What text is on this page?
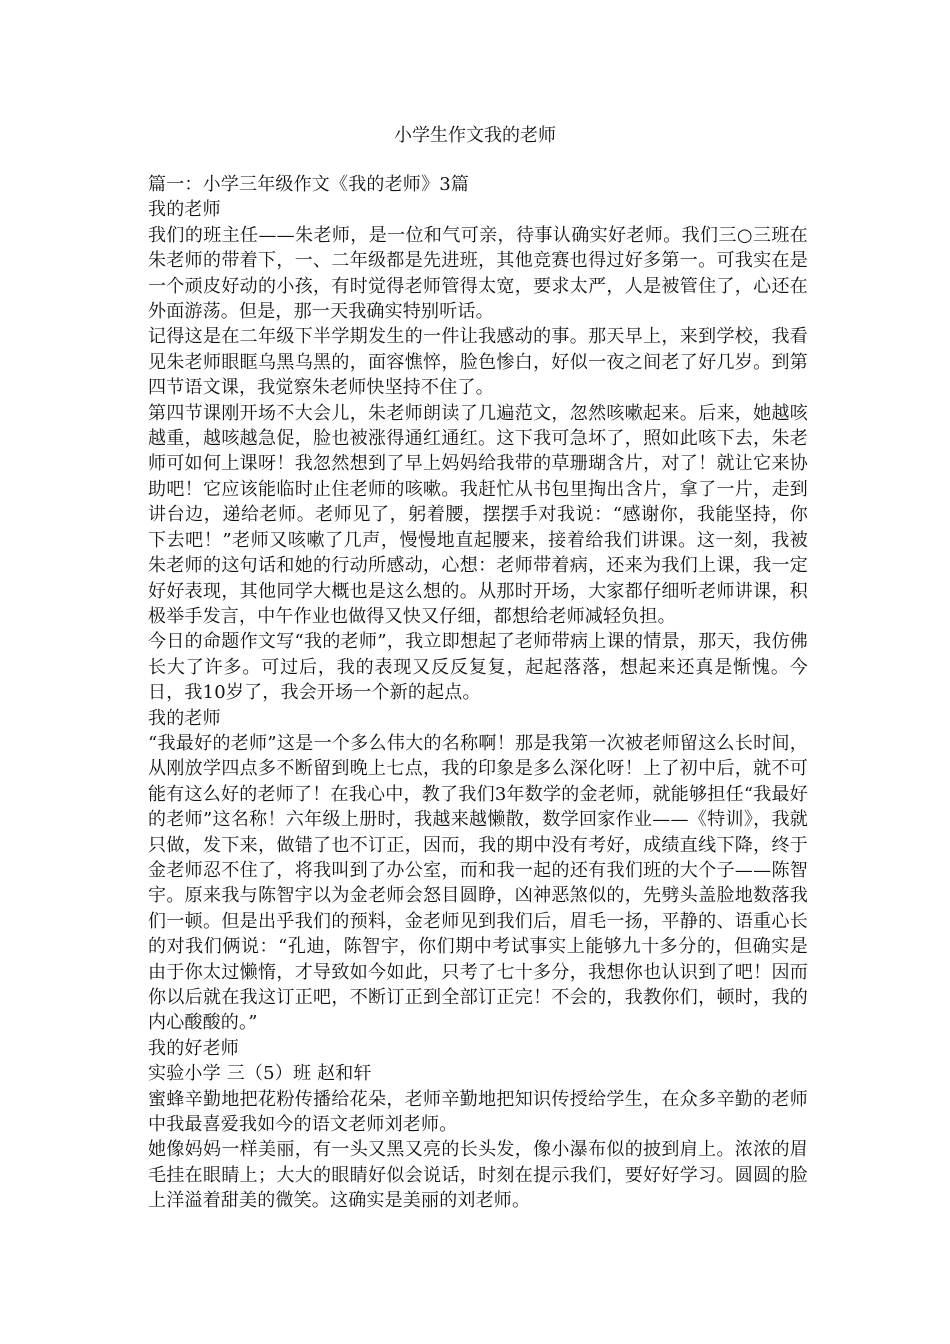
小学生作文我的老师

篇一：小学三年级作文《我的老师》3篇

我的老师

我们的班主任——朱老师，是一位和气可亲，待事认确实好老师。我们三○三班在朱老师的带着下，一、二年级都是先进班，其他竞赛也得过好多第一。可我实在是一个顽皮好动的小孩，有时觉得老师管得太宽，要求太严，人是被管住了，心还在外面游荡。但是，那一天我确实特别听话。

记得这是在二年级下半学期发生的一件让我感动的事。那天早上，来到学校，我看见朱老师眼眶乌黑乌黑的，面容憔悴，脸色惨白，好似一夜之间老了好几岁。到第四节语文课，我觉察朱老师快坚持不住了。

第四节课刚开场不大会儿，朱老师朗读了几遍范文，忽然咳嗽起来。后来，她越咳越重，越咳越急促，脸也被涨得通红通红。这下我可急坏了，照如此咳下去，朱老师可如何上课呀！我忽然想到了早上妈妈给我带的草珊瑚含片，对了！就让它来协助吧！它应该能临时止住老师的咳嗽。我赶忙从书包里掏出含片，拿了一片，走到讲台边，递给老师。老师见了，躬着腰，摆摆手对我说：“感谢你，我能坚持，你下去吧！”老师又咳嗽了几声，慢慢地直起腰来，接着给我们讲课。这一刻，我被朱老师的这句话和她的行动所感动，心想：老师带着病，还来为我们上课，我一定好好表现，其他同学大概也是这么想的。从那时开场，大家都仔细听老师讲课，积极举手发言，中午作业也做得又快又仔细，都想给老师减轻负担。

今日的命题作文写“我的老师”，我立即想起了老师带病上课的情景，那天，我仿佛长大了许多。可过后，我的表现又反反复复，起起落落，想起来还真是惭愧。今日，我10岁了，我会开场一个新的起点。

我的老师

“我最好的老师”这是一个多么伟大的名称啊！那是我第一次被老师留这么长时间，从刚放学四点多不断留到晚上七点，我的印象是多么深化呀！上了初中后，就不可能有这么好的老师了！在我心中，教了我们3年数学的金老师，就能够担任“我最好的老师”这名称！六年级上册时，我越来越懒散，数学回家作业——《特训》，我就只做，发下来，做错了也不订正，因而，我的期中没有考好，成绩直线下降，终于金老师忍不住了，将我叫到了办公室，而和我一起的还有我们班的大个子——陈智宇。原来我与陈智宇以为金老师会怒目圆睁，凶神恶煞似的，先劈头盖脸地数落我们一顿。但是出乎我们的预料，金老师见到我们后，眉毛一扬，平静的、语重心长的对我们俩说：“孔迪，陈智宇，你们期中考试事实上能够九十多分的，但确实是由于你太过懒惰，才导致如今如此，只考了七十多分，我想你也认识到了吧！因而你以后就在我这订正吧，不断订正到全部订正完！不会的，我教你们，顿时，我的内心酸酸的。”

我的好老师

实验小学 三（5）班 赵和轩

蜜蜂辛勤地把花粉传播给花朵，老师辛勤地把知识传授给学生，在众多辛勤的老师中我最喜爱我如今的语文老师刘老师。

她像妈妈一样美丽，有一头又黑又亮的长头发，像小瀑布似的披到肩上。浓浓的眉毛挂在眼睛上；大大的眼睛好似会说话，时刻在提示我们，要好好学习。圆圆的脸上洋溢着甜美的微笑。这确实是美丽的刘老师。
